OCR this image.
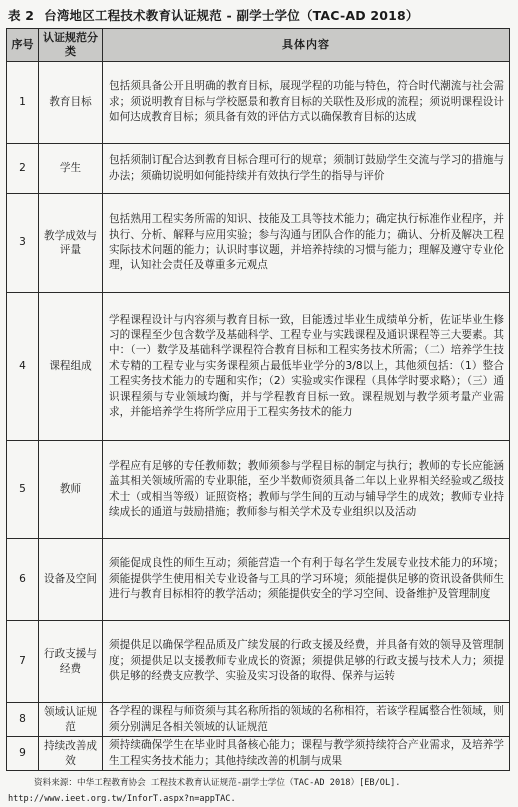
表 2 台湾地区工程技术教育认证规范 - 副学士学位（TAC-AD 2018）
序号	认证规范分类	具体内容
1	教育目标	包括须具备公开且明确的教育目标，展现学程的功能与特色，符合时代潮流与社会需求；须说明教育目标与学校愿景和教育目标的关联性及形成的流程；须说明课程设计如何达成教育目标；须具备有效的评估方式以确保教育目标的达成
2	学生	包括须制订配合达到教育目标合理可行的规章；须制订鼓励学生交流与学习的措施与办法；须确切说明如何能持续并有效执行学生的指导与评价
3	教学成效与评量	包括熟用工程实务所需的知识、技能及工具等技术能力；确定执行标准作业程序，并执行、分析、解释与应用实验；参与沟通与团队合作的能力；确认、分析及解决工程实际技术问题的能力；认识时事议题，并培养持续的习惯与能力；理解及遵守专业伦理，认知社会责任及尊重多元观点
4	课程组成	学程课程设计与内容须与教育目标一致，目能透过毕业生成绩单分析，佐证毕业生修习的课程至少包含数学及基础科学、工程专业与实践课程及通识课程等三大要素。其中：（一）数学及基础科学课程符合教育目标和工程实务技术所需；（二）培养学生技术专精的工程专业与实务课程须占最低毕业学分的3/8以上，其他须包括：（1）整合工程实务技术能力的专题和实作；（2）实验或实作课程（具体学时要求略）；（三）通识课程须与专业领域均衡，并与学程教育目标一致。课程规划与教学须考量产业需求，并能培养学生将所学应用于工程实务技术的能力
5	教师	学程应有足够的专任教师数；教师须参与学程目标的制定与执行；教师的专长应能涵盖其相关领域所需的专业职能，至少半数师资须具备二年以上业界相关经验或乙级技术士（或相当等级）证照资格；教师与学生间的互动与辅导学生的成效；教师专业持续成长的通道与鼓励措施；教师参与相关学术及专业组织以及活动
6	设备及空间	须能促成良性的师生互动；须能营造一个有利于每名学生发展专业技术能力的环境；须能提供学生使用相关专业设备与工具的学习环境；须能提供足够的资讯设备供师生进行与教育目标相符的教学活动；须能提供安全的学习空间、设备维护及管理制度
7	行政支援与经费	须提供足以确保学程品质及广续发展的行政支援及经费，并具备有效的领导及管理制度；须提供足以支援教师专业成长的资源；须提供足够的行政支援与技术人力；须提供足够的经费支应教学、实验及实习设备的取得、保养与运转
8	领域认证规范	各学程的课程与师资须与其名称所指的领域的名称相符，若该学程属整合性领域，则须分别满足各相关领域的认证规范
9	持续改善成效	须持续确保学生在毕业时具备核心能力；课程与教学须持续符合产业需求，及培养学生工程实务技术能力；其他持续改善的机制与成果
资料来源：中华工程教育协会 工程技术教育认证规范-副学士学位（TAC-AD 2018）[EB/OL].
http://www.ieet.org.tw/InforT.aspx?n=appTAC.
